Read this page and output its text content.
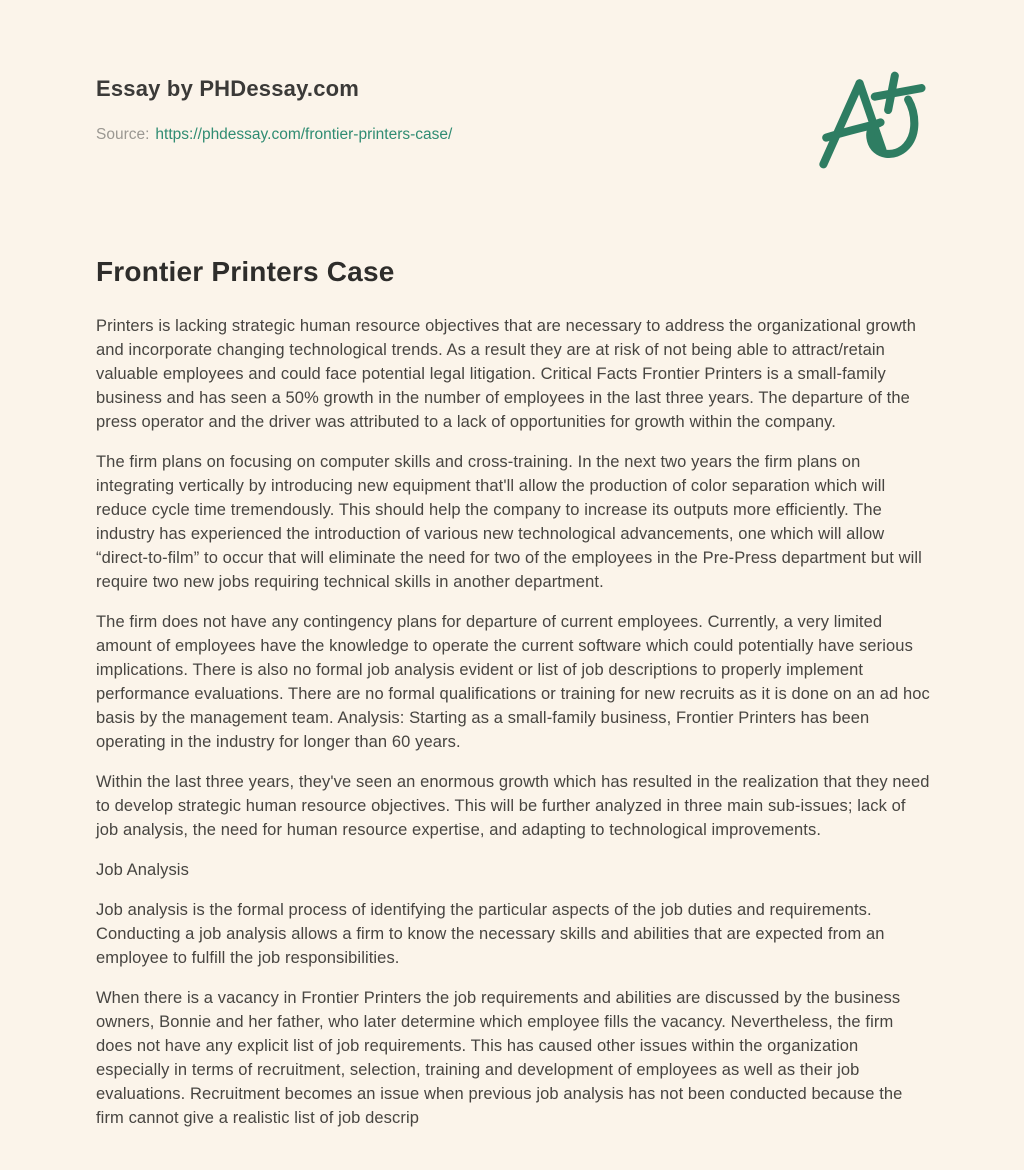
Essay by PHDessay.com
Source: https://phdessay.com/frontier-printers-case/
Frontier Printers Case

Printers is lacking strategic human resource objectives that are necessary to address the organizational growth and incorporate changing technological trends. As a result they are at risk of not being able to attract/retain valuable employees and could face potential legal litigation. Critical Facts Frontier Printers is a small-family business and has seen a 50% growth in the number of employees in the last three years. The departure of the press operator and the driver was attributed to a lack of opportunities for growth within the company.

The firm plans on focusing on computer skills and cross-training. In the next two years the firm plans on integrating vertically by introducing new equipment that'll allow the production of color separation which will reduce cycle time tremendously. This should help the company to increase its outputs more efficiently. The industry has experienced the introduction of various new technological advancements, one which will allow “direct-to-film” to occur that will eliminate the need for two of the employees in the Pre-Press department but will require two new jobs requiring technical skills in another department.

The firm does not have any contingency plans for departure of current employees. Currently, a very limited amount of employees have the knowledge to operate the current software which could potentially have serious implications. There is also no formal job analysis evident or list of job descriptions to properly implement performance evaluations. There are no formal qualifications or training for new recruits as it is done on an ad hoc basis by the management team. Analysis: Starting as a small-family business, Frontier Printers has been operating in the industry for longer than 60 years.

Within the last three years, they've seen an enormous growth which has resulted in the realization that they need to develop strategic human resource objectives. This will be further analyzed in three main sub-issues; lack of job analysis, the need for human resource expertise, and adapting to technological improvements.

Job Analysis

Job analysis is the formal process of identifying the particular aspects of the job duties and requirements. Conducting a job analysis allows a firm to know the necessary skills and abilities that are expected from an employee to fulfill the job responsibilities.

When there is a vacancy in Frontier Printers the job requirements and abilities are discussed by the business owners, Bonnie and her father, who later determine which employee fills the vacancy. Nevertheless, the firm does not have any explicit list of job requirements. This has caused other issues within the organization especially in terms of recruitment, selection, training and development of employees as well as their job evaluations. Recruitment becomes an issue when previous job analysis has not been conducted because the firm cannot give a realistic list of job descrip
